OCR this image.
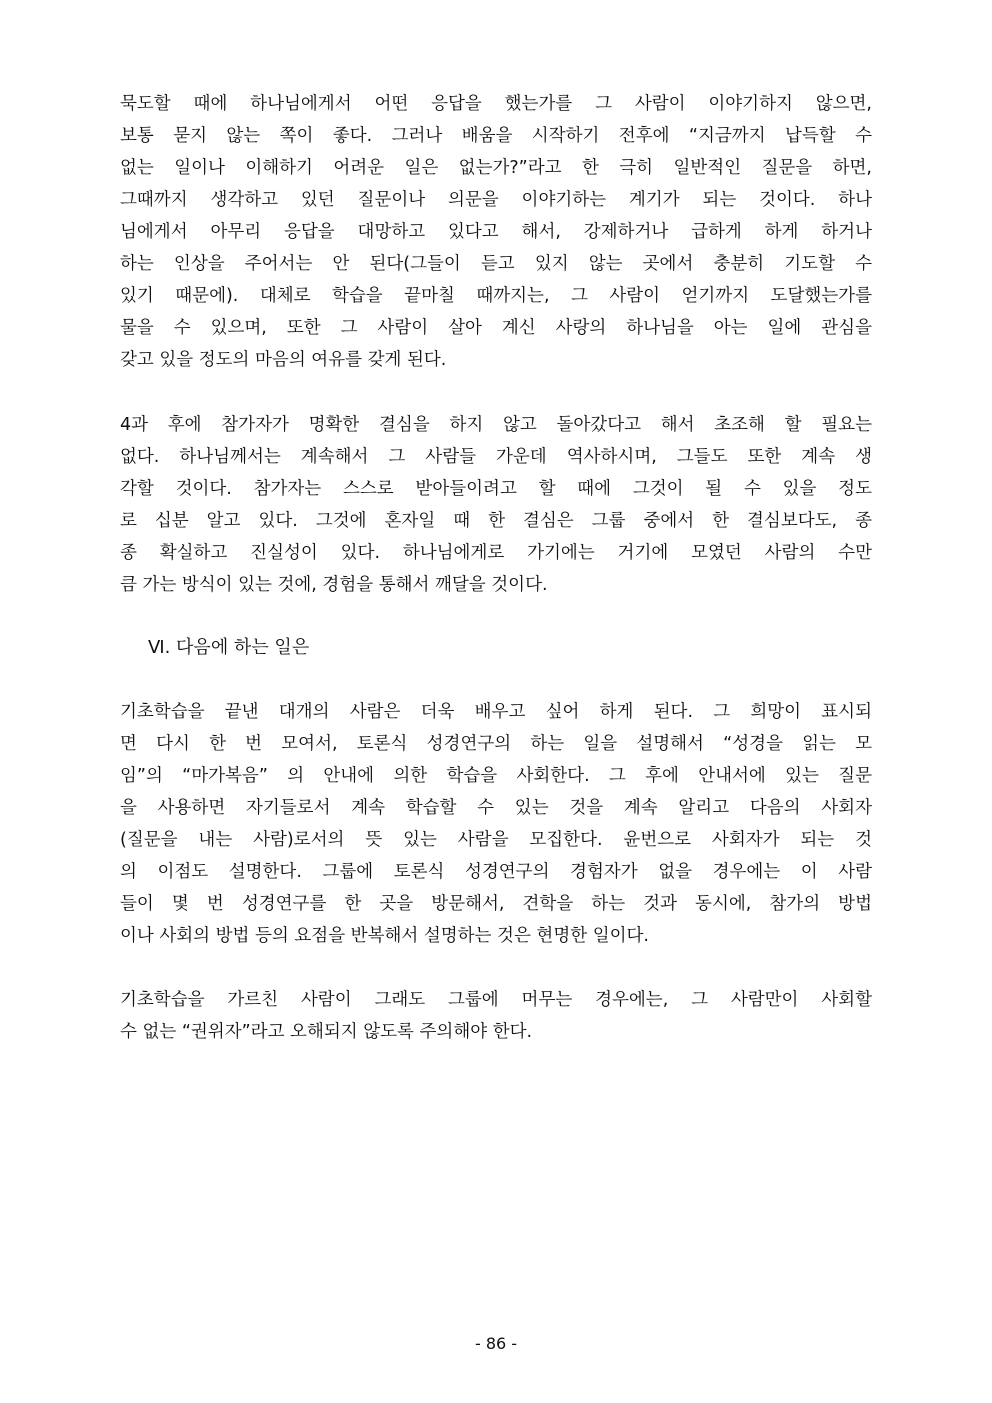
묵도할 때에 하나님에게서 어떤 응답을 했는가를 그 사람이 이야기하지 않으면,
보통 묻지 않는 쪽이 좋다. 그러나 배움을 시작하기 전후에 “지금까지 납득할 수
없는 일이나 이해하기 어려운 일은 없는가?”라고 한 극히 일반적인 질문을 하면,
그때까지 생각하고 있던 질문이나 의문을 이야기하는 계기가 되는 것이다. 하나
님에게서 아무리 응답을 대망하고 있다고 해서, 강제하거나 급하게 하게 하거나
하는 인상을 주어서는 안 된다(그들이 듣고 있지 않는 곳에서 충분히 기도할 수
있기 때문에). 대체로 학습을 끝마칠 때까지는, 그 사람이 얻기까지 도달했는가를
물을 수 있으며, 또한 그 사람이 살아 계신 사랑의 하나님을 아는 일에 관심을
갖고 있을 정도의 마음의 여유를 갖게 된다.
4과 후에 참가자가 명확한 결심을 하지 않고 돌아갔다고 해서 초조해 할 필요는
없다. 하나님께서는 계속해서 그 사람들 가운데 역사하시며, 그들도 또한 계속 생
각할 것이다. 참가자는 스스로 받아들이려고 할 때에 그것이 될 수 있을 정도
로 십분 알고 있다. 그것에 혼자일 때 한 결심은 그룹 중에서 한 결심보다도, 종
종 확실하고 진실성이 있다. 하나님에게로 가기에는 거기에 모였던 사람의 수만
큼 가는 방식이 있는 것에, 경험을 통해서 깨달을 것이다.
Ⅵ. 다음에 하는 일은
기초학습을 끝낸 대개의 사람은 더욱 배우고 싶어 하게 된다. 그 희망이 표시되
면 다시 한 번 모여서, 토론식 성경연구의 하는 일을 설명해서 “성경을 읽는 모
임”의 “마가복음” 의 안내에 의한 학습을 사회한다. 그 후에 안내서에 있는 질문
을 사용하면 자기들로서 계속 학습할 수 있는 것을 계속 알리고 다음의 사회자
(질문을 내는 사람)로서의 뜻 있는 사람을 모집한다. 윤번으로 사회자가 되는 것
의 이점도 설명한다. 그룹에 토론식 성경연구의 경험자가 없을 경우에는 이 사람
들이 몇 번 성경연구를 한 곳을 방문해서, 견학을 하는 것과 동시에, 참가의 방법
이나 사회의 방법 등의 요점을 반복해서 설명하는 것은 현명한 일이다.
기초학습을 가르친 사람이 그래도 그룹에 머무는 경우에는, 그 사람만이 사회할
수 없는 “권위자”라고 오해되지 않도록 주의해야 한다.
- 86 -
